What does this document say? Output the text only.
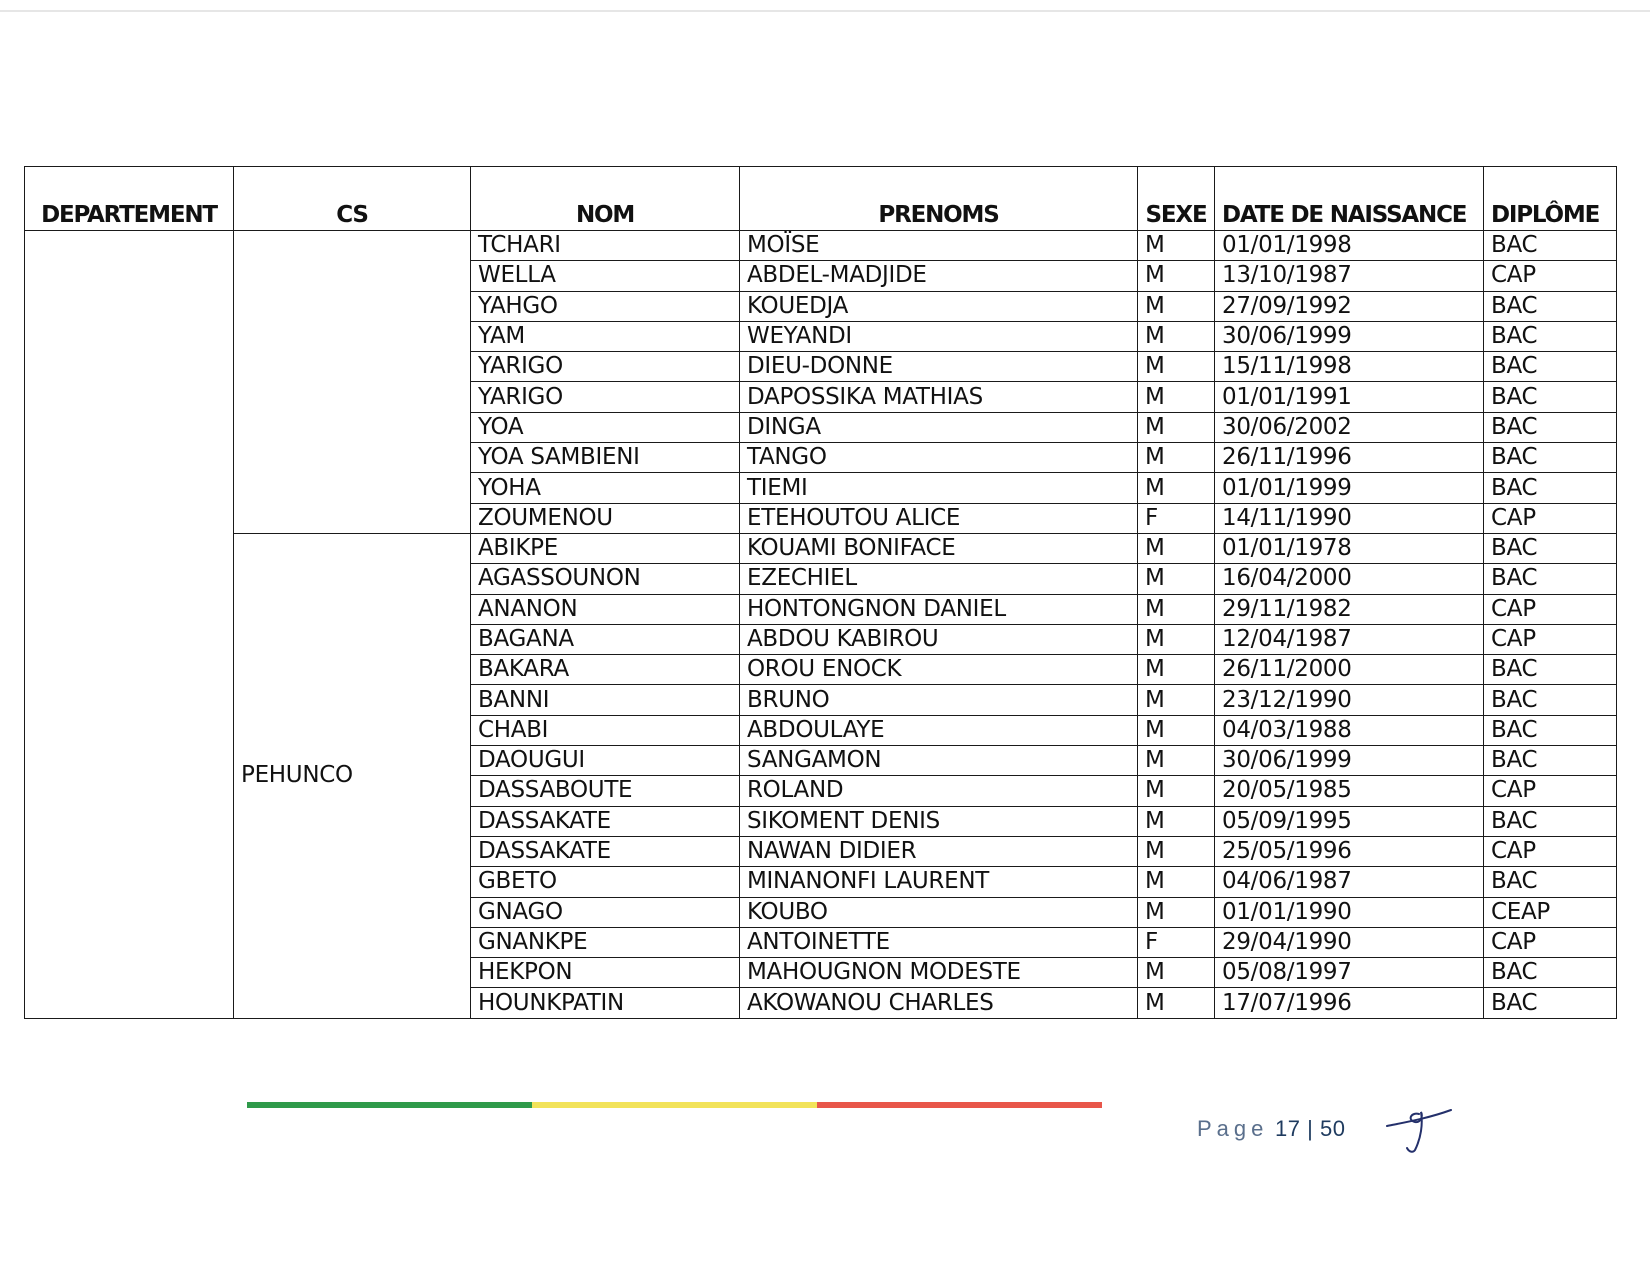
DEPARTEMENT	CS	NOM	PRENOMS	SEXE	DATE DE NAISSANCE	DIPLÔME
		TCHARI	MOÏSE	M	01/01/1998	BAC
		WELLA	ABDEL-MADJIDE	M	13/10/1987	CAP
		YAHGO	KOUEDJA	M	27/09/1992	BAC
		YAM	WEYANDI	M	30/06/1999	BAC
		YARIGO	DIEU-DONNE	M	15/11/1998	BAC
		YARIGO	DAPOSSIKA MATHIAS	M	01/01/1991	BAC
		YOA	DINGA	M	30/06/2002	BAC
		YOA SAMBIENI	TANGO	M	26/11/1996	BAC
		YOHA	TIEMI	M	01/01/1999	BAC
		ZOUMENOU	ETEHOUTOU ALICE	F	14/11/1990	CAP
	PEHUNCO	ABIKPE	KOUAMI BONIFACE	M	01/01/1978	BAC
		AGASSOUNON	EZECHIEL	M	16/04/2000	BAC
		ANANON	HONTONGNON DANIEL	M	29/11/1982	CAP
		BAGANA	ABDOU KABIROU	M	12/04/1987	CAP
		BAKARA	OROU ENOCK	M	26/11/2000	BAC
		BANNI	BRUNO	M	23/12/1990	BAC
		CHABI	ABDOULAYE	M	04/03/1988	BAC
		DAOUGUI	SANGAMON	M	30/06/1999	BAC
		DASSABOUTE	ROLAND	M	20/05/1985	CAP
		DASSAKATE	SIKOMENT DENIS	M	05/09/1995	BAC
		DASSAKATE	NAWAN DIDIER	M	25/05/1996	CAP
		GBETO	MINANONFI LAURENT	M	04/06/1987	BAC
		GNAGO	KOUBO	M	01/01/1990	CEAP
		GNANKPE	ANTOINETTE	F	29/04/1990	CAP
		HEKPON	MAHOUGNON MODESTE	M	05/08/1997	BAC
		HOUNKPATIN	AKOWANOU CHARLES	M	17/07/1996	BAC
Page 17 | 50
